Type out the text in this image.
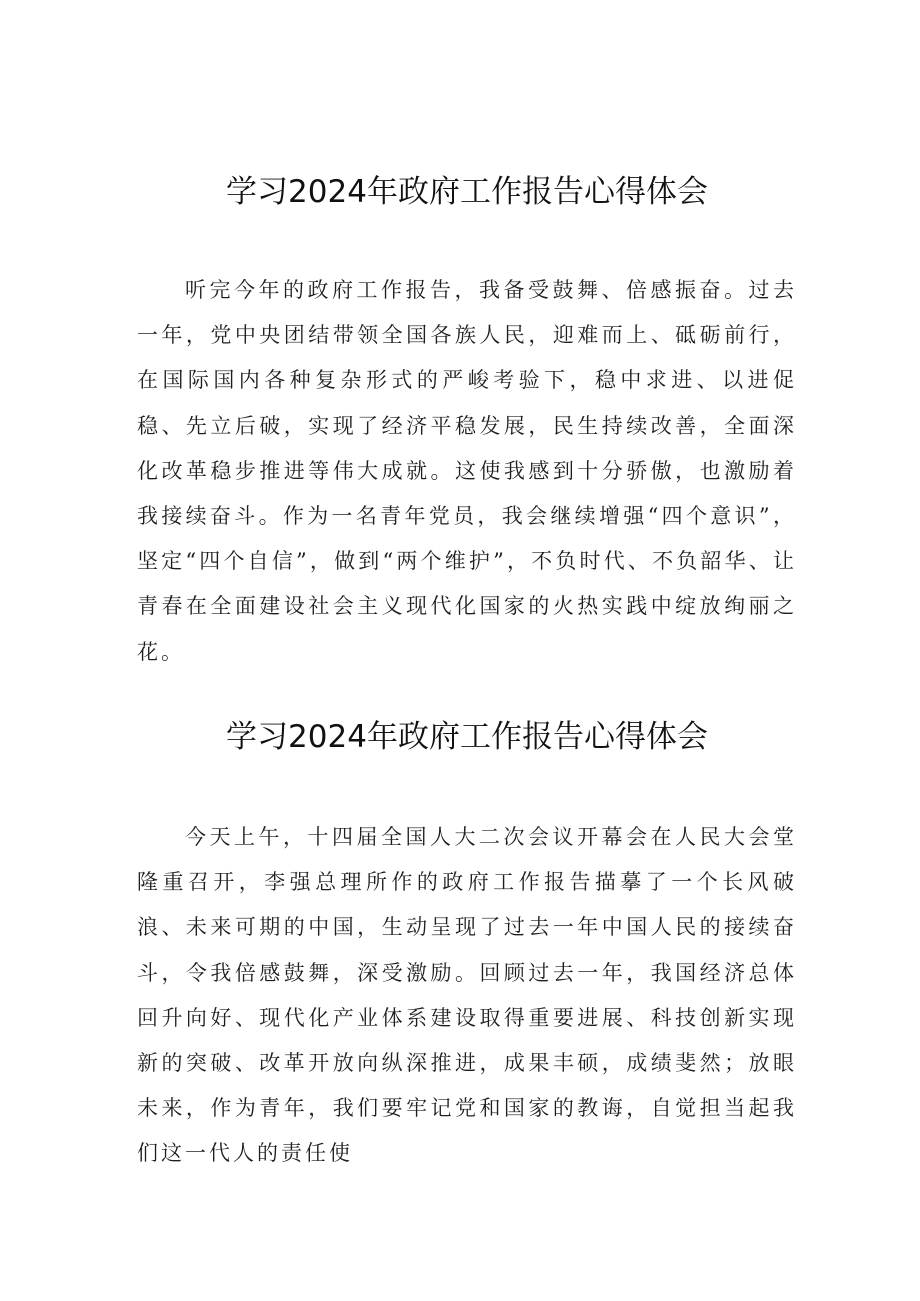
学习2024年政府工作报告心得体会

听完今年的政府工作报告，我备受鼓舞、倍感振奋。过去一年，党中央团结带领全国各族人民，迎难而上、砥砺前行，在国际国内各种复杂形式的严峻考验下，稳中求进、以进促稳、先立后破，实现了经济平稳发展，民生持续改善，全面深化改革稳步推进等伟大成就。这使我感到十分骄傲，也激励着我接续奋斗。作为一名青年党员，我会继续增强“四个意识”，坚定“四个自信”，做到“两个维护”，不负时代、不负韶华、让青春在全面建设社会主义现代化国家的火热实践中绽放绚丽之花。

学习2024年政府工作报告心得体会

今天上午，十四届全国人大二次会议开幕会在人民大会堂隆重召开，李强总理所作的政府工作报告描摹了一个长风破浪、未来可期的中国，生动呈现了过去一年中国人民的接续奋斗，令我倍感鼓舞，深受激励。回顾过去一年，我国经济总体回升向好、现代化产业体系建设取得重要进展、科技创新实现新的突破、改革开放向纵深推进，成果丰硕，成绩斐然；放眼未来，作为青年，我们要牢记党和国家的教诲，自觉担当起我们这一代人的责任使
